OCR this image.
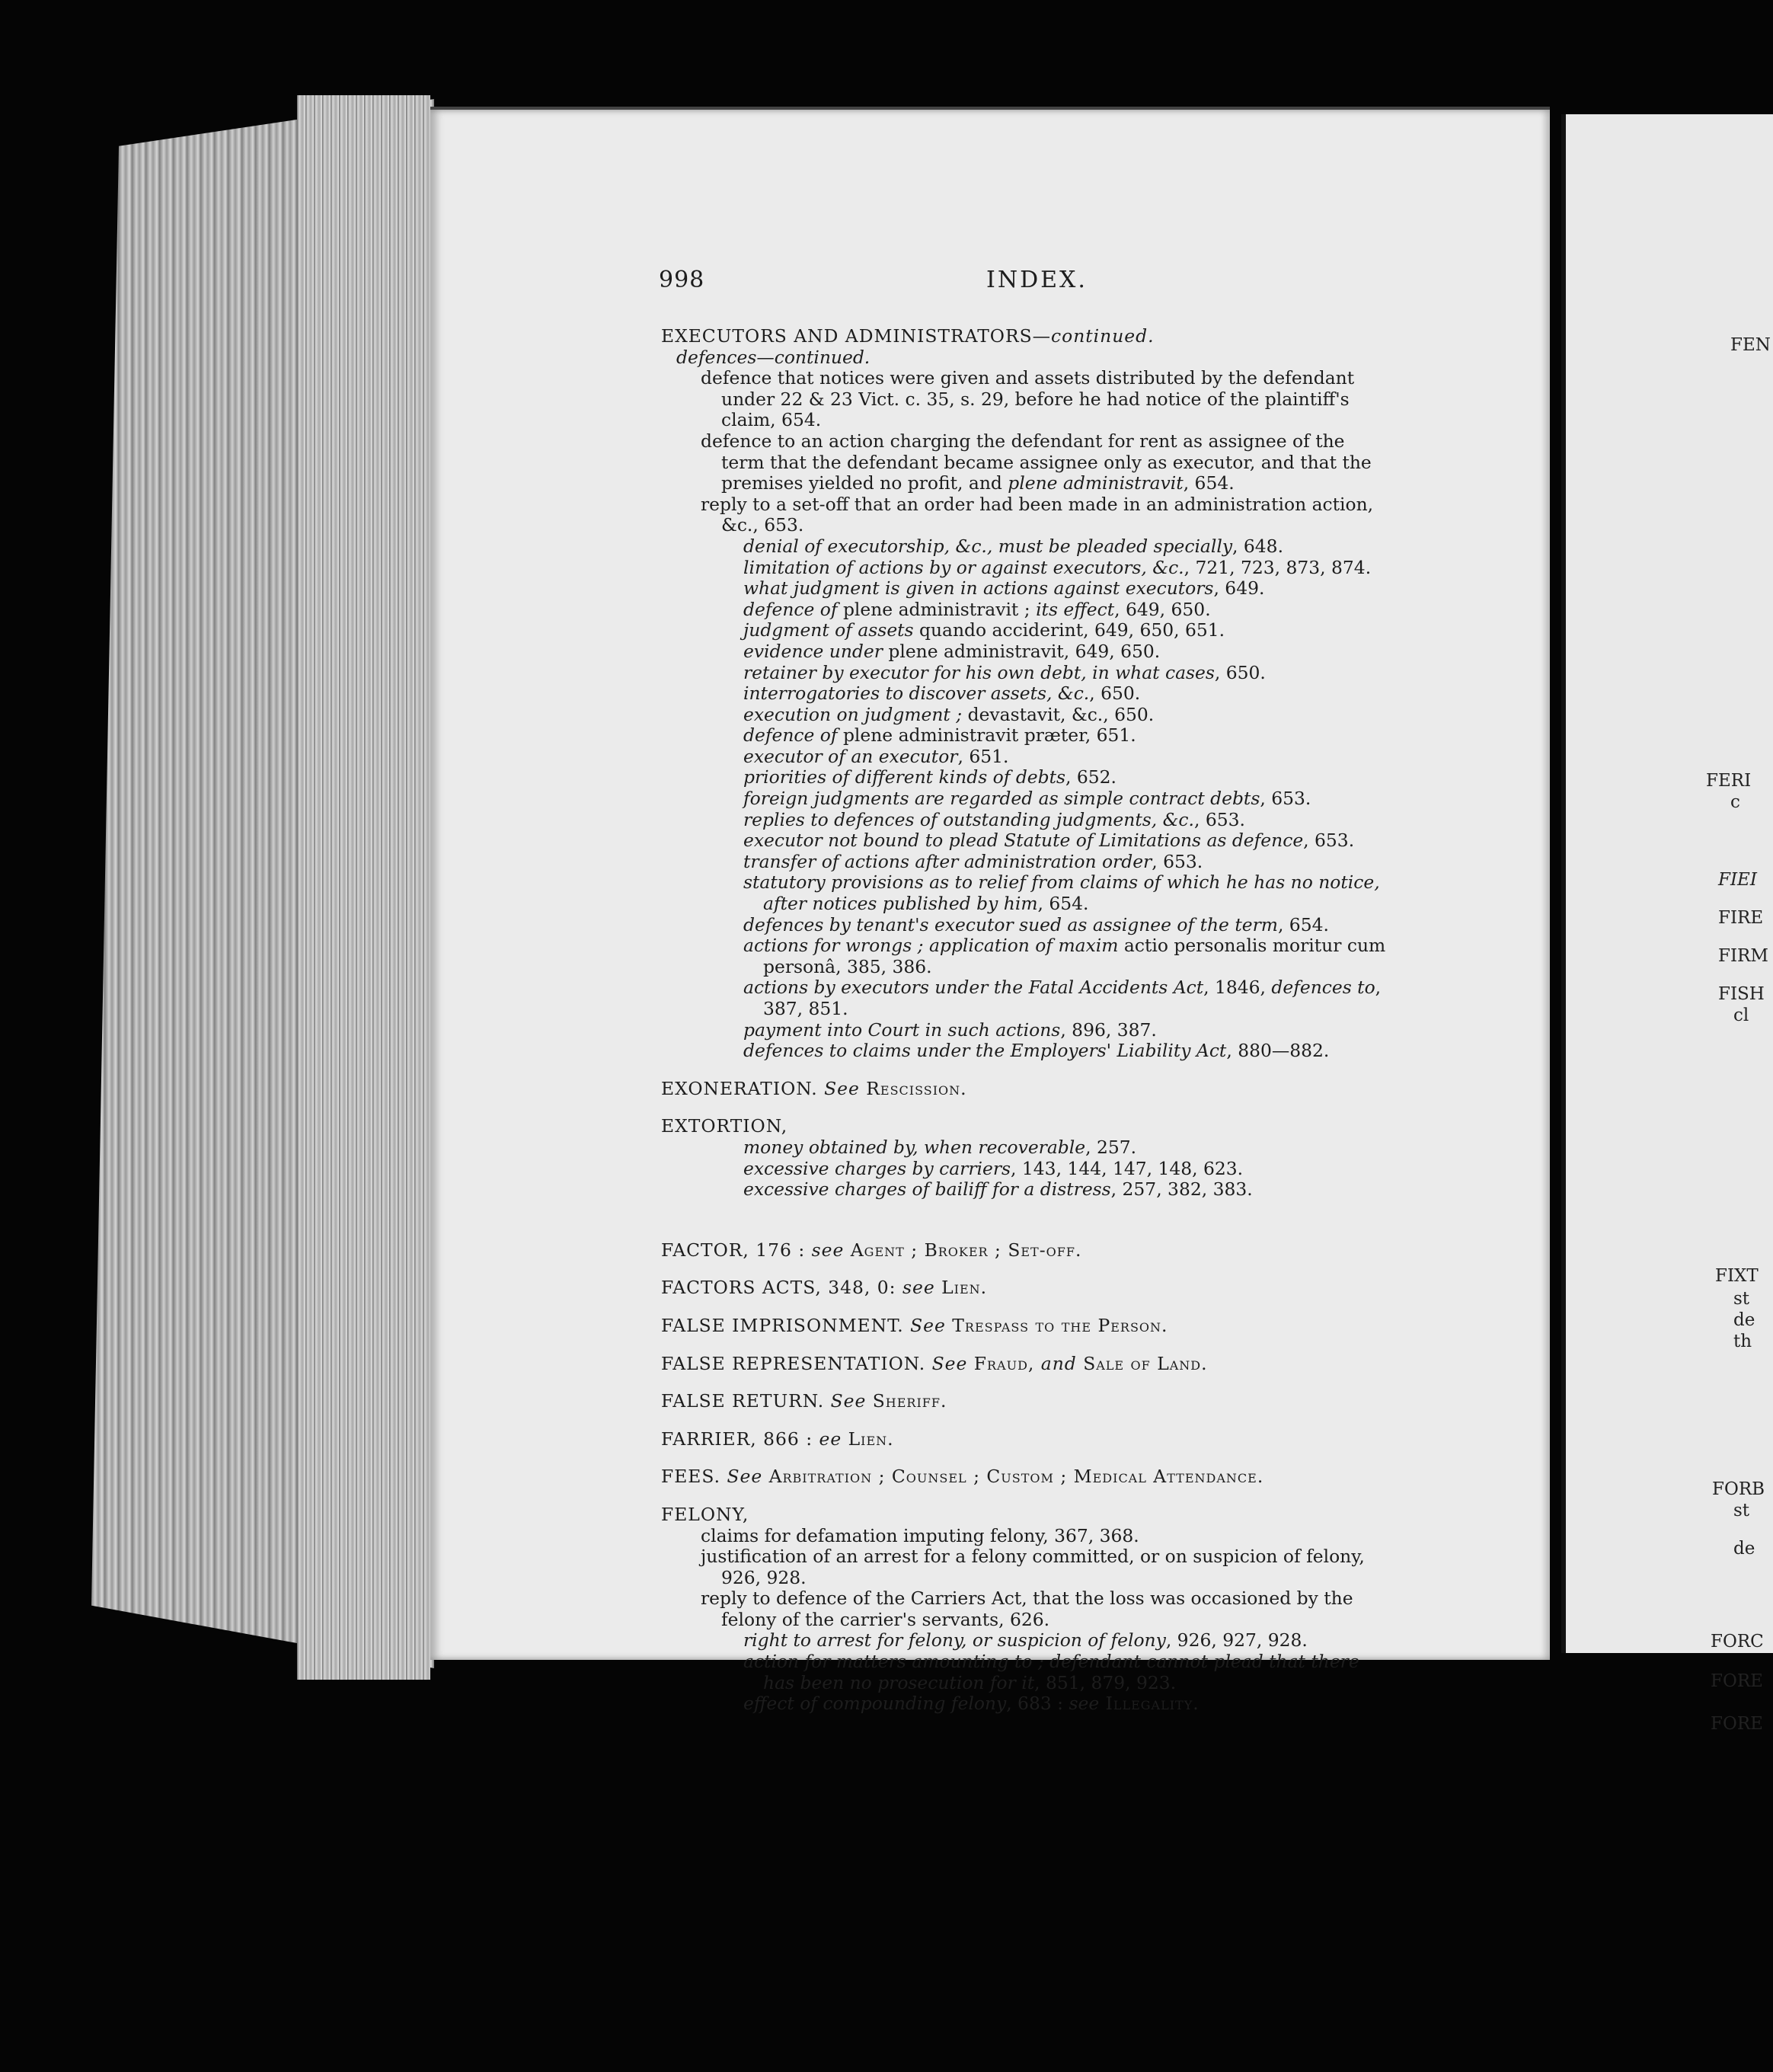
998	INDEX.
EXECUTORS AND ADMINISTRATORS—continued.
defences—continued.
defence that notices were given and assets distributed by the defendant under 22 & 23 Vict. c. 35, s. 29, before he had notice of the plaintiff's claim, 654.
defence to an action charging the defendant for rent as assignee of the term that the defendant became assignee only as executor, and that the premises yielded no profit, and plene administravit, 654.
reply to a set-off that an order had been made in an administration action, &c., 653.
denial of executorship, &c., must be pleaded specially, 648.
limitation of actions by or against executors, &c., 721, 723, 873, 874.
what judgment is given in actions against executors, 649.
defence of plene administravit ; its effect, 649, 650.
judgment of assets quando acciderint, 649, 650, 651.
evidence under plene administravit, 649, 650.
retainer by executor for his own debt, in what cases, 650.
interrogatories to discover assets, &c., 650.
execution on judgment ; devastavit, &c., 650.
defence of plene administravit præter, 651.
executor of an executor, 651.
priorities of different kinds of debts, 652.
foreign judgments are regarded as simple contract debts, 653.
replies to defences of outstanding judgments, &c., 653.
executor not bound to plead Statute of Limitations as defence, 653.
transfer of actions after administration order, 653.
statutory provisions as to relief from claims of which he has no notice, after notices published by him, 654.
defences by tenant's executor sued as assignee of the term, 654.
actions for wrongs ; application of maxim actio personalis moritur cum personâ, 385, 386.
actions by executors under the Fatal Accidents Act, 1846, defences to, 387, 851.
payment into Court in such actions, 896, 387.
defences to claims under the Employers' Liability Act, 880—882.
EXONERATION. See Rescission.
EXTORTION,
money obtained by, when recoverable, 257.
excessive charges by carriers, 143, 144, 147, 148, 623.
excessive charges of bailiff for a distress, 257, 382, 383.
FACTOR, 176 : see Agent ; Broker ; Set-off.
FACTORS ACTS, 348, 0: see Lien.
FALSE IMPRISONMENT. See Trespass to the Person.
FALSE REPRESENTATION. See Fraud, and Sale of Land.
FALSE RETURN. See Sheriff.
FARRIER, 866 : ee Lien.
FEES. See Arbitration ; Counsel ; Custom ; Medical Attendance.
FELONY,
claims for defamation imputing felony, 367, 368.
justification of an arrest for a felony committed, or on suspicion of felony, 926, 928.
reply to defence of the Carriers Act, that the loss was occasioned by the felony of the carrier's servants, 626.
right to arrest for felony, or suspicion of felony, 926, 927, 928.
action for matters amounting to ; defendant cannot plead that there has been no prosecution for it, 851, 879, 923.
effect of compounding felony, 683 : see Illegality.
FEN
FERI
c
FIEI
FIRE
FIRM
FISH
cl
FIXT
st
de
th
FORB
st
de
FORC
FORE
FORE
